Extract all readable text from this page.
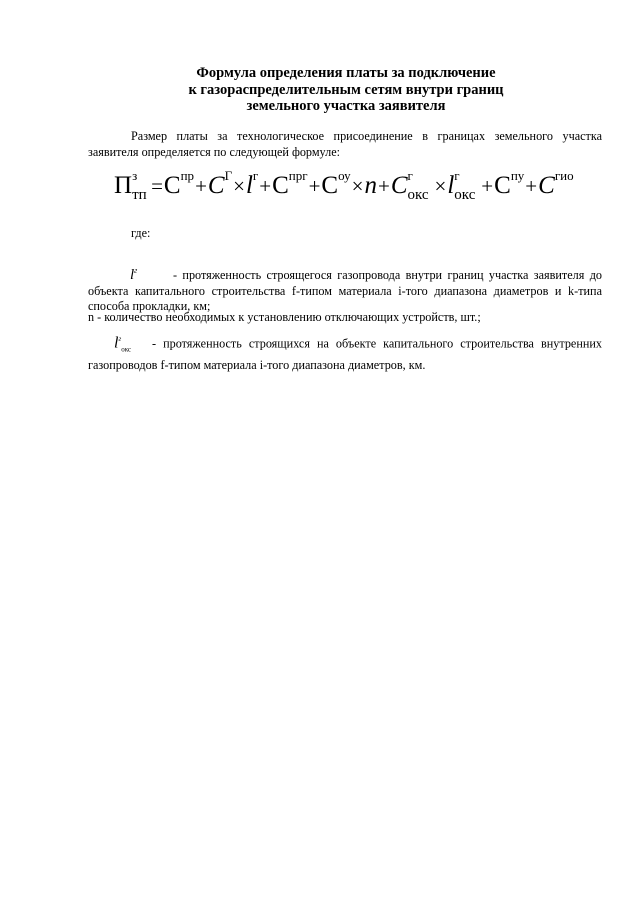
Формула определения платы за подключение
к газораспределительным сетям внутри границ
земельного участка заявителя
Размер платы за технологическое присоединение в границах земельного участка заявителя определяется по следующей формуле:
П з
тп $=С^{пр}+C^Г\times l^г+С^{прг}+С^{оу}\times n+C$ г
окс ×l г
окс $+С^{пу}+C^{гио}$
где:
$l^г$	- протяженность строящегося газопровода внутри границ участка заявителя до объекта капитального строительства f-типом материала i-того диапазона диаметров и k-типа способа прокладки, км;
n - количество необходимых к установлению отключающих устройств, шт.;
$l^г_{окс}$ - протяженность строящихся на объекте капитального строительства внутренних газопроводов f-типом материала i-того диапазона диаметров, км.
